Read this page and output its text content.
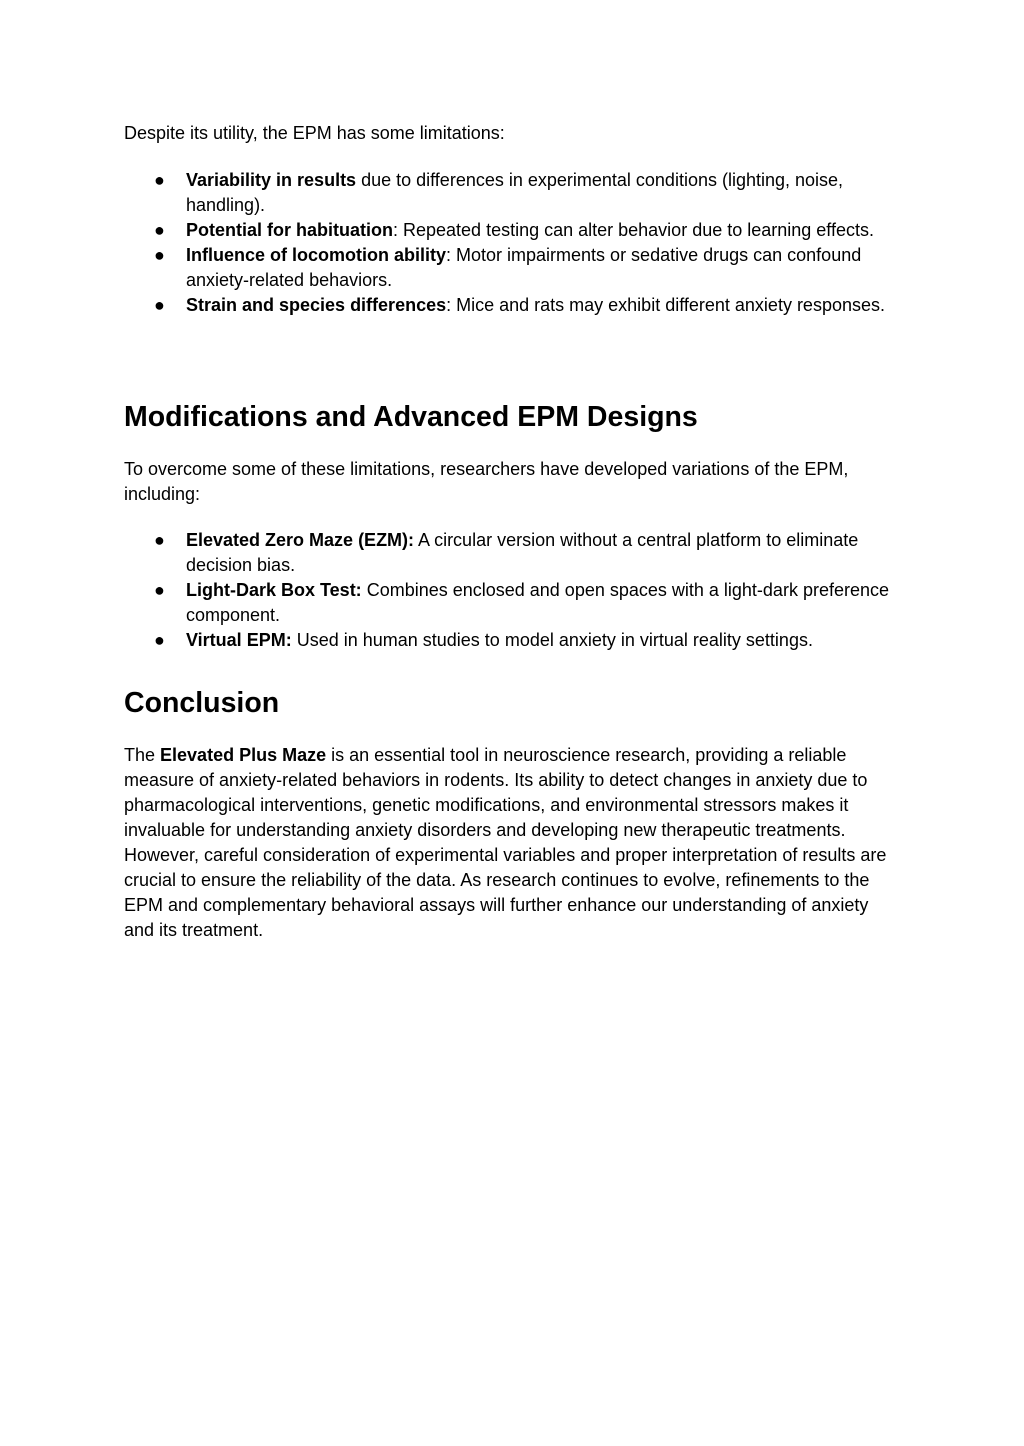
Despite its utility, the EPM has some limitations:

● Variability in results due to differences in experimental conditions (lighting, noise, handling).
● Potential for habituation: Repeated testing can alter behavior due to learning effects.
● Influence of locomotion ability: Motor impairments or sedative drugs can confound anxiety-related behaviors.
● Strain and species differences: Mice and rats may exhibit different anxiety responses.
Modifications and Advanced EPM Designs

To overcome some of these limitations, researchers have developed variations of the EPM, including:

● Elevated Zero Maze (EZM): A circular version without a central platform to eliminate decision bias.
● Light-Dark Box Test: Combines enclosed and open spaces with a light-dark preference component.
● Virtual EPM: Used in human studies to model anxiety in virtual reality settings.
Conclusion

The Elevated Plus Maze is an essential tool in neuroscience research, providing a reliable measure of anxiety-related behaviors in rodents. Its ability to detect changes in anxiety due to pharmacological interventions, genetic modifications, and environmental stressors makes it invaluable for understanding anxiety disorders and developing new therapeutic treatments. However, careful consideration of experimental variables and proper interpretation of results are crucial to ensure the reliability of the data. As research continues to evolve, refinements to the EPM and complementary behavioral assays will further enhance our understanding of anxiety and its treatment.
